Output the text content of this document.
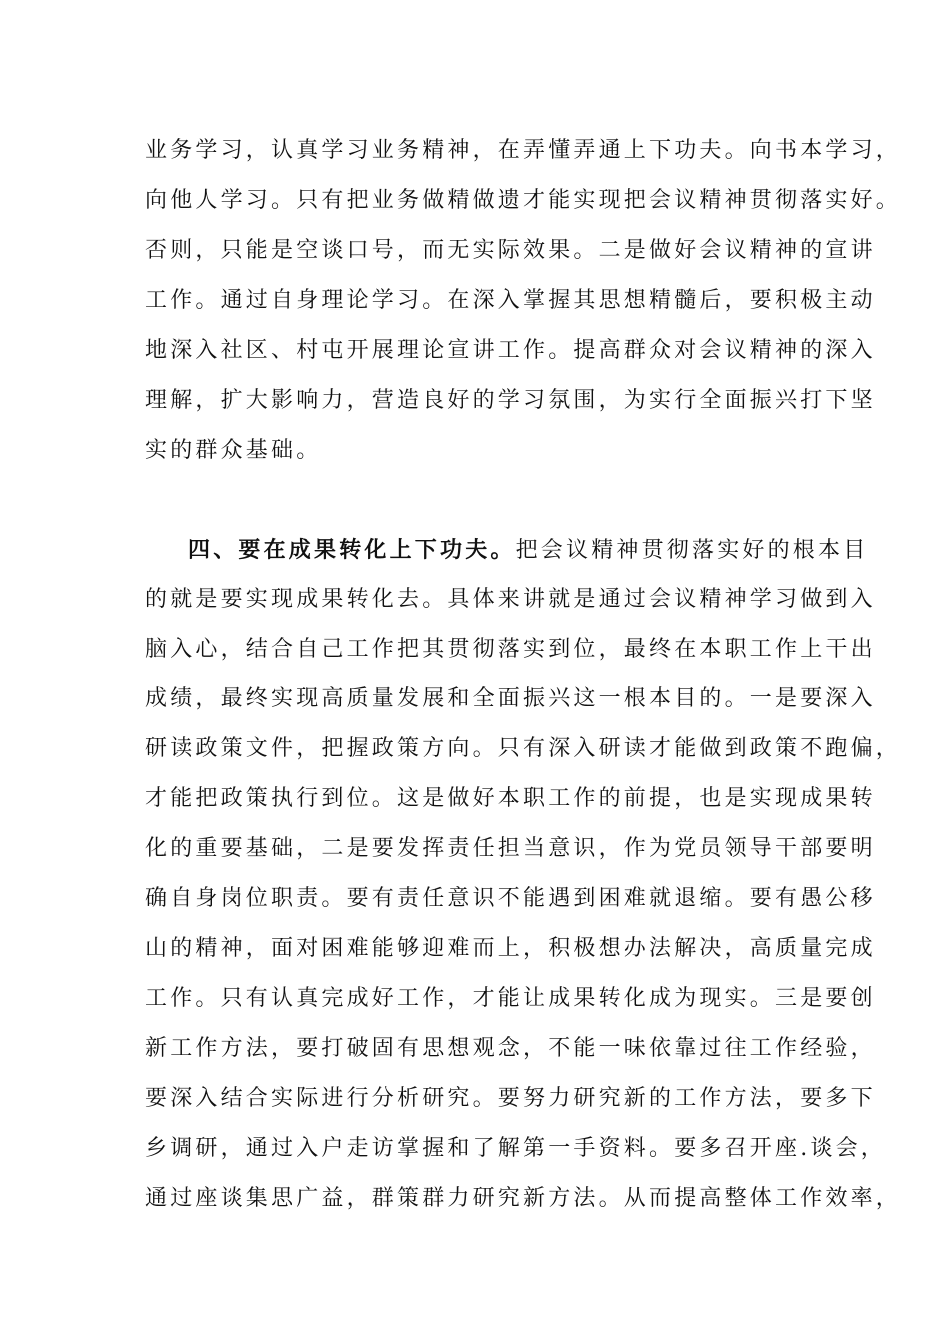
业务学习，认真学习业务精神，在弄懂弄通上下功夫。向书本学习，
向他人学习。只有把业务做精做遗才能实现把会议精神贯彻落实好。
否则，只能是空谈口号，而无实际效果。二是做好会议精神的宣讲
工作。通过自身理论学习。在深入掌握其思想精髓后，要积极主动
地深入社区、村屯开展理论宣讲工作。提高群众对会议精神的深入
理解，扩大影响力，营造良好的学习氛围，为实行全面振兴打下坚
实的群众基础。
四、要在成果转化上下功夫。把会议精神贯彻落实好的根本目
的就是要实现成果转化去。具体来讲就是通过会议精神学习做到入
脑入心，结合自己工作把其贯彻落实到位，最终在本职工作上干出
成绩，最终实现高质量发展和全面振兴这一根本目的。一是要深入
研读政策文件，把握政策方向。只有深入研读才能做到政策不跑偏，
才能把政策执行到位。这是做好本职工作的前提，也是实现成果转
化的重要基础，二是要发挥责任担当意识，作为党员领导干部要明
确自身岗位职责。要有责任意识不能遇到困难就退缩。要有愚公移
山的精神，面对困难能够迎难而上，积极想办法解决，高质量完成
工作。只有认真完成好工作，才能让成果转化成为现实。三是要创
新工作方法，要打破固有思想观念，不能一味依靠过往工作经验，
要深入结合实际进行分析研究。要努力研究新的工作方法，要多下
乡调研，通过入户走访掌握和了解第一手资料。要多召开座.谈会，
通过座谈集思广益，群策群力研究新方法。从而提高整体工作效率，
